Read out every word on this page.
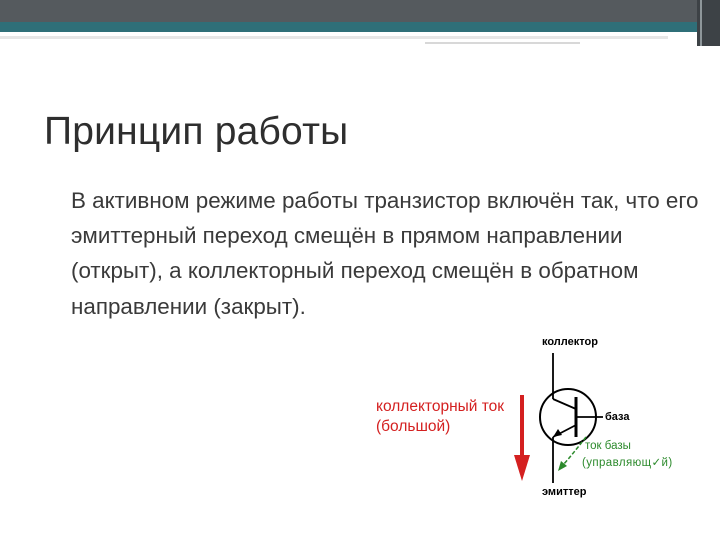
Принцип работы
В активном режиме работы транзистор включён так, что его эмиттерный переход смещён в прямом направлении (открыт), а коллекторный переход смещён в обратном направлении (закрыт).
коллекторный ток
(большой)
коллектор
база
ток базы
(управляющ✓й)
эмиттер
